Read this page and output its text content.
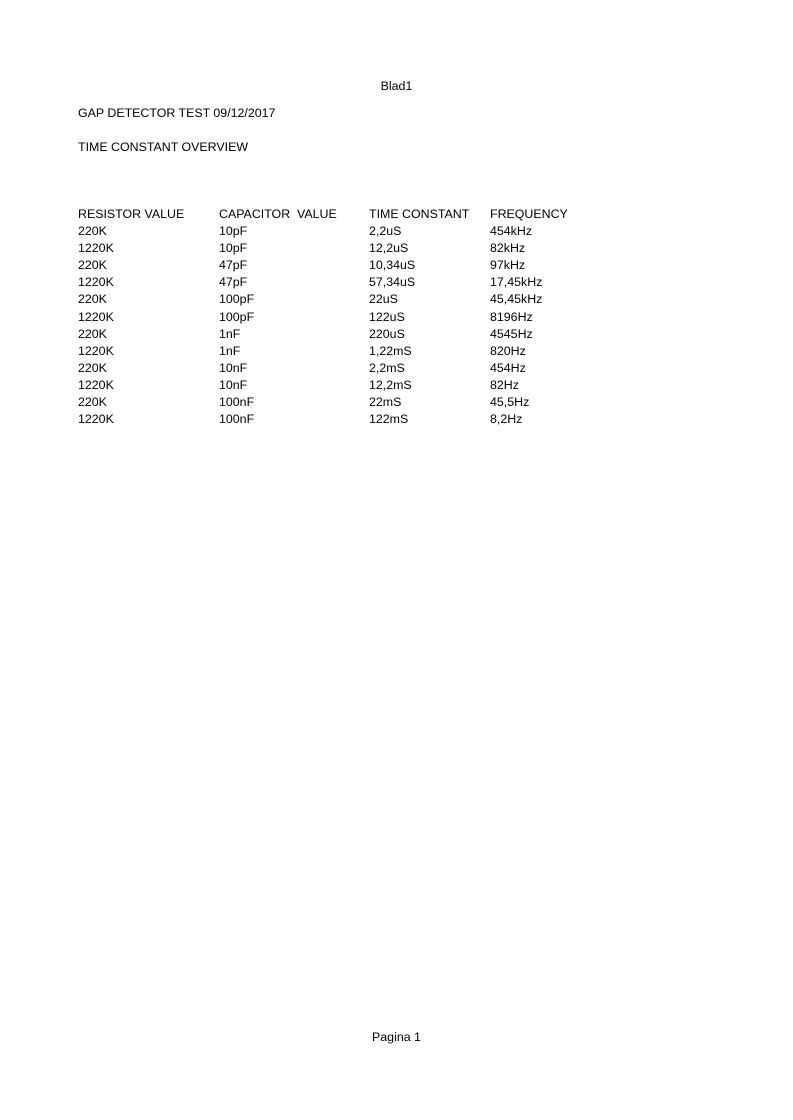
Blad1
GAP DETECTOR TEST 09/12/2017
TIME CONSTANT OVERVIEW
RESISTOR VALUE	CAPACITOR  VALUE	TIME CONSTANT	FREQUENCY
220K	10pF	2,2uS	454kHz
1220K	10pF	12,2uS	82kHz
220K	47pF	10,34uS	97kHz
1220K	47pF	57,34uS	17,45kHz
220K	100pF	22uS	45,45kHz
1220K	100pF	122uS	8196Hz
220K	1nF	220uS	4545Hz
1220K	1nF	1,22mS	820Hz
220K	10nF	2,2mS	454Hz
1220K	10nF	12,2mS	82Hz
220K	100nF	22mS	45,5Hz
1220K	100nF	122mS	8,2Hz
Pagina 1
